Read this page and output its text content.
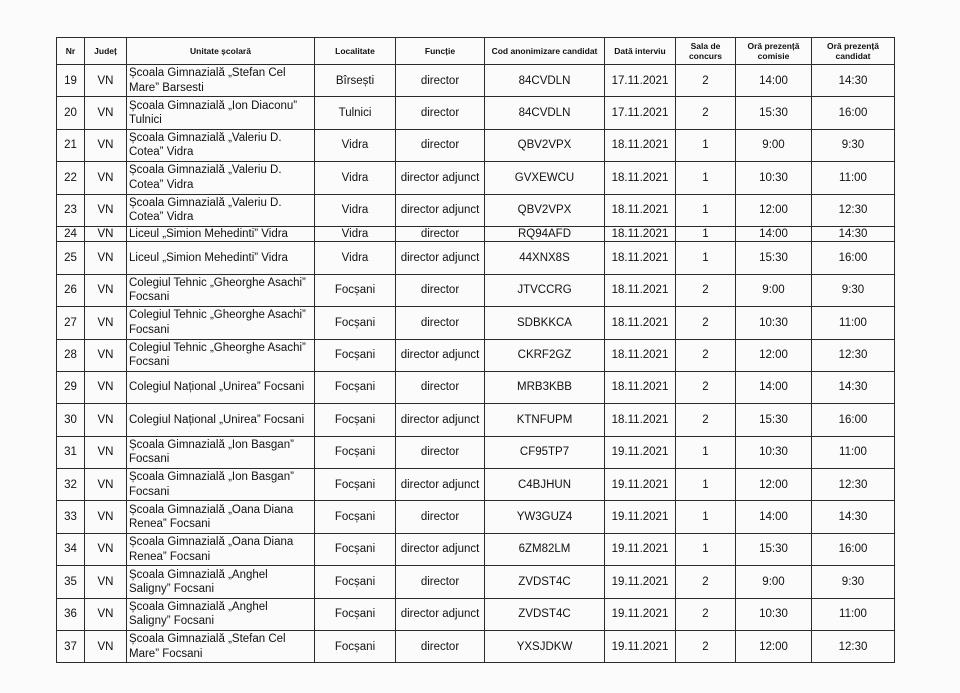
Nr	Județ	Unitate școlară	Localitate	Funcție	Cod anonimizare candidat	Dată interviu	Sala de concurs	Oră prezență comisie	Oră prezență candidat
19	VN	Școala Gimnazială „Stefan Cel Mare” Barsesti	Bîrsești	director	84CVDLN	17.11.2021	2	14:00	14:30
20	VN	Școala Gimnazială „Ion Diaconu” Tulnici	Tulnici	director	84CVDLN	17.11.2021	2	15:30	16:00
21	VN	Școala Gimnazială „Valeriu D. Cotea” Vidra	Vidra	director	QBV2VPX	18.11.2021	1	9:00	9:30
22	VN	Școala Gimnazială „Valeriu D. Cotea” Vidra	Vidra	director adjunct	GVXEWCU	18.11.2021	1	10:30	11:00
23	VN	Școala Gimnazială „Valeriu D. Cotea” Vidra	Vidra	director adjunct	QBV2VPX	18.11.2021	1	12:00	12:30
24	VN	Liceul „Simion Mehedinti” Vidra	Vidra	director	RQ94AFD	18.11.2021	1	14:00	14:30
25	VN	Liceul „Simion Mehedinti” Vidra	Vidra	director adjunct	44XNX8S	18.11.2021	1	15:30	16:00
26	VN	Colegiul Tehnic „Gheorghe Asachi” Focsani	Focșani	director	JTVCCRG	18.11.2021	2	9:00	9:30
27	VN	Colegiul Tehnic „Gheorghe Asachi” Focsani	Focșani	director	SDBKKCA	18.11.2021	2	10:30	11:00
28	VN	Colegiul Tehnic „Gheorghe Asachi” Focsani	Focșani	director adjunct	CKRF2GZ	18.11.2021	2	12:00	12:30
29	VN	Colegiul Național „Unirea” Focsani	Focșani	director	MRB3KBB	18.11.2021	2	14:00	14:30
30	VN	Colegiul Național „Unirea” Focsani	Focșani	director adjunct	KTNFUPM	18.11.2021	2	15:30	16:00
31	VN	Școala Gimnazială „Ion Basgan” Focsani	Focșani	director	CF95TP7	19.11.2021	1	10:30	11:00
32	VN	Școala Gimnazială „Ion Basgan” Focsani	Focșani	director adjunct	C4BJHUN	19.11.2021	1	12:00	12:30
33	VN	Școala Gimnazială „Oana Diana Renea” Focsani	Focșani	director	YW3GUZ4	19.11.2021	1	14:00	14:30
34	VN	Școala Gimnazială „Oana Diana Renea” Focsani	Focșani	director adjunct	6ZM82LM	19.11.2021	1	15:30	16:00
35	VN	Școala Gimnazială „Anghel Saligny” Focsani	Focșani	director	ZVDST4C	19.11.2021	2	9:00	9:30
36	VN	Școala Gimnazială „Anghel Saligny” Focsani	Focșani	director adjunct	ZVDST4C	19.11.2021	2	10:30	11:00
37	VN	Școala Gimnazială „Stefan Cel Mare” Focsani	Focșani	director	YXSJDKW	19.11.2021	2	12:00	12:30
